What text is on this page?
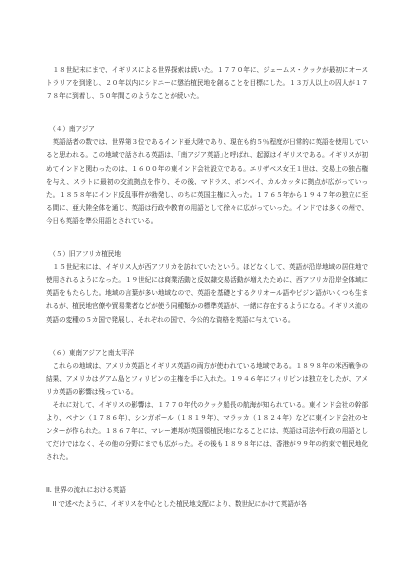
１８世紀末にまで、イギリスによる世界探索は続いた。１７７０年に、ジェームス・クックが最初にオーストラリアを到達し、２０年以内にシドニーに懲治植民地を創ることを目標にした。１３万人以上の囚人が１７７８年に到着し、５０年間このようなことが続いた。

（４）南アジア

英語話者の数では、世界第３位であるインド亜大陸であり、現在も約５％程度が日常的に英語を使用していると思われる。この地域で話される英語は、｢南アジア英語｣と呼ばれ、起源はイギリスである。イギリスが初めてインドと関わったのは、１６００年の東インド会社設立である。エリザベス女王１世は、交易上の独占権を与え、スラトに最初の交流拠点を作り、その後、マドラス、ボンベイ、カルカッタに拠点が広がっていった。１８５８年にインド反乱事件が勃発し、のちに英国主権に入った。１７６５年から１９４７年の独立に至る間に、亜大陸全体を通じ、英語は行政や教育の用語として徐々に広がっていった。インドでは多くの州で、今日も英語を準公用語とされている。

（５）旧アフリカ植民地

１５世紀末には、イギリス人が西アフリカを訪れていたという。ほどなくして、英語が沿岸地域の居住地で使用されるようになった。１９世紀には商業活動と反奴隷交易活動が増えたために、西アフリカ沿岸全体域に英語をもたらした。地域の言葉が多い地域なので、英語を基礎とするクリオール語やピジン語がいくつも生まれるが、植民地官僚や貿易業者などが使う同種類かの標準英語が、一緒に存在するようになる。イギリス流の英語の変種の５カ国で発展し、それぞれの国で、今公的な資格を英語に与えている。

（６）東南アジアと南太平洋

これらの地域は、アメリカ英語とイギリス英語の両方が使われている地域である。１８９８年の米西戦争の結果、アメリカはグアム島とフィリピンの主権を手に入れた。１９４６年にフィリピンは独立をしたが、アメリカ英語の影響は残っている。

それに対して、イギリスの影響は、１７７０年代のクック船長の航海が知られている。東インド会社の幹部より、ペナン（１７８６年）、シンガポール（１８１９年）、マラッカ（１８２４年）などに東インド会社のセンターが作られた。１８６７年に、マレー連邦が英国領植民地になることには、英語は司法や行政の用語としてだけではなく、その他の分野にまでも広がった。その後も１８９８年には、香港が９９年の約束で植民地化された。

II. 世界の流れにおける英語

II で述べたように、イギリスを中心とした植民地支配により、数世紀にかけて英語が各
